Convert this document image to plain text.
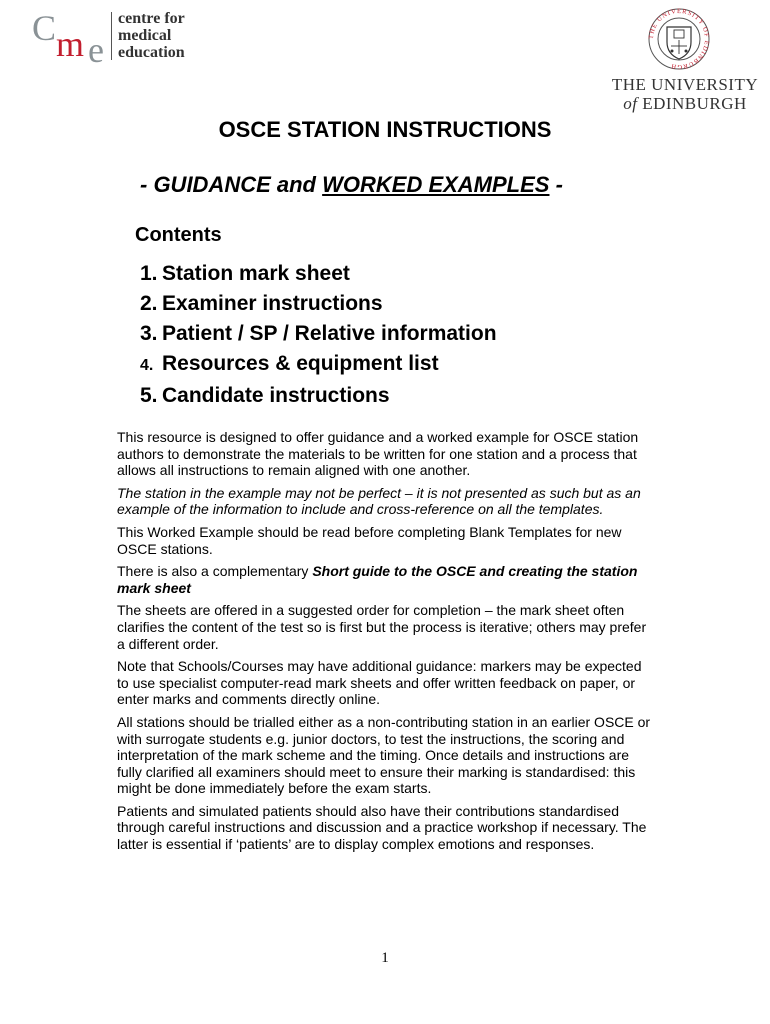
C m e
centre for
medical
education
THE UNIVERSITY OF EDINBURGH
THE UNIVERSITY
of EDINBURGH
OSCE STATION INSTRUCTIONS
- GUIDANCE and WORKED EXAMPLES -
Contents
1. Station mark sheet
2. Examiner instructions
3. Patient / SP / Relative information
4. Resources & equipment list
5. Candidate instructions

This resource is designed to offer guidance and a worked example for OSCE station authors to demonstrate the materials to be written for one station and a process that allows all instructions to remain aligned with one another.

The station in the example may not be perfect – it is not presented as such but as an example of the information to include and cross-reference on all the templates.

This Worked Example should be read before completing Blank Templates for new OSCE stations.

There is also a complementary Short guide to the OSCE and creating the station mark sheet

The sheets are offered in a suggested order for completion – the mark sheet often clarifies the content of the test so is first but the process is iterative; others may prefer a different order.

Note that Schools/Courses may have additional guidance: markers may be expected to use specialist computer-read mark sheets and offer written feedback on paper, or enter marks and comments directly online.

All stations should be trialled either as a non-contributing station in an earlier OSCE or with surrogate students e.g. junior doctors, to test the instructions, the scoring and interpretation of the mark scheme and the timing. Once details and instructions are fully clarified all examiners should meet to ensure their marking is standardised: this might be done immediately before the exam starts.

Patients and simulated patients should also have their contributions standardised through careful instructions and discussion and a practice workshop if necessary. The latter is essential if ‘patients’ are to display complex emotions and responses.

1
